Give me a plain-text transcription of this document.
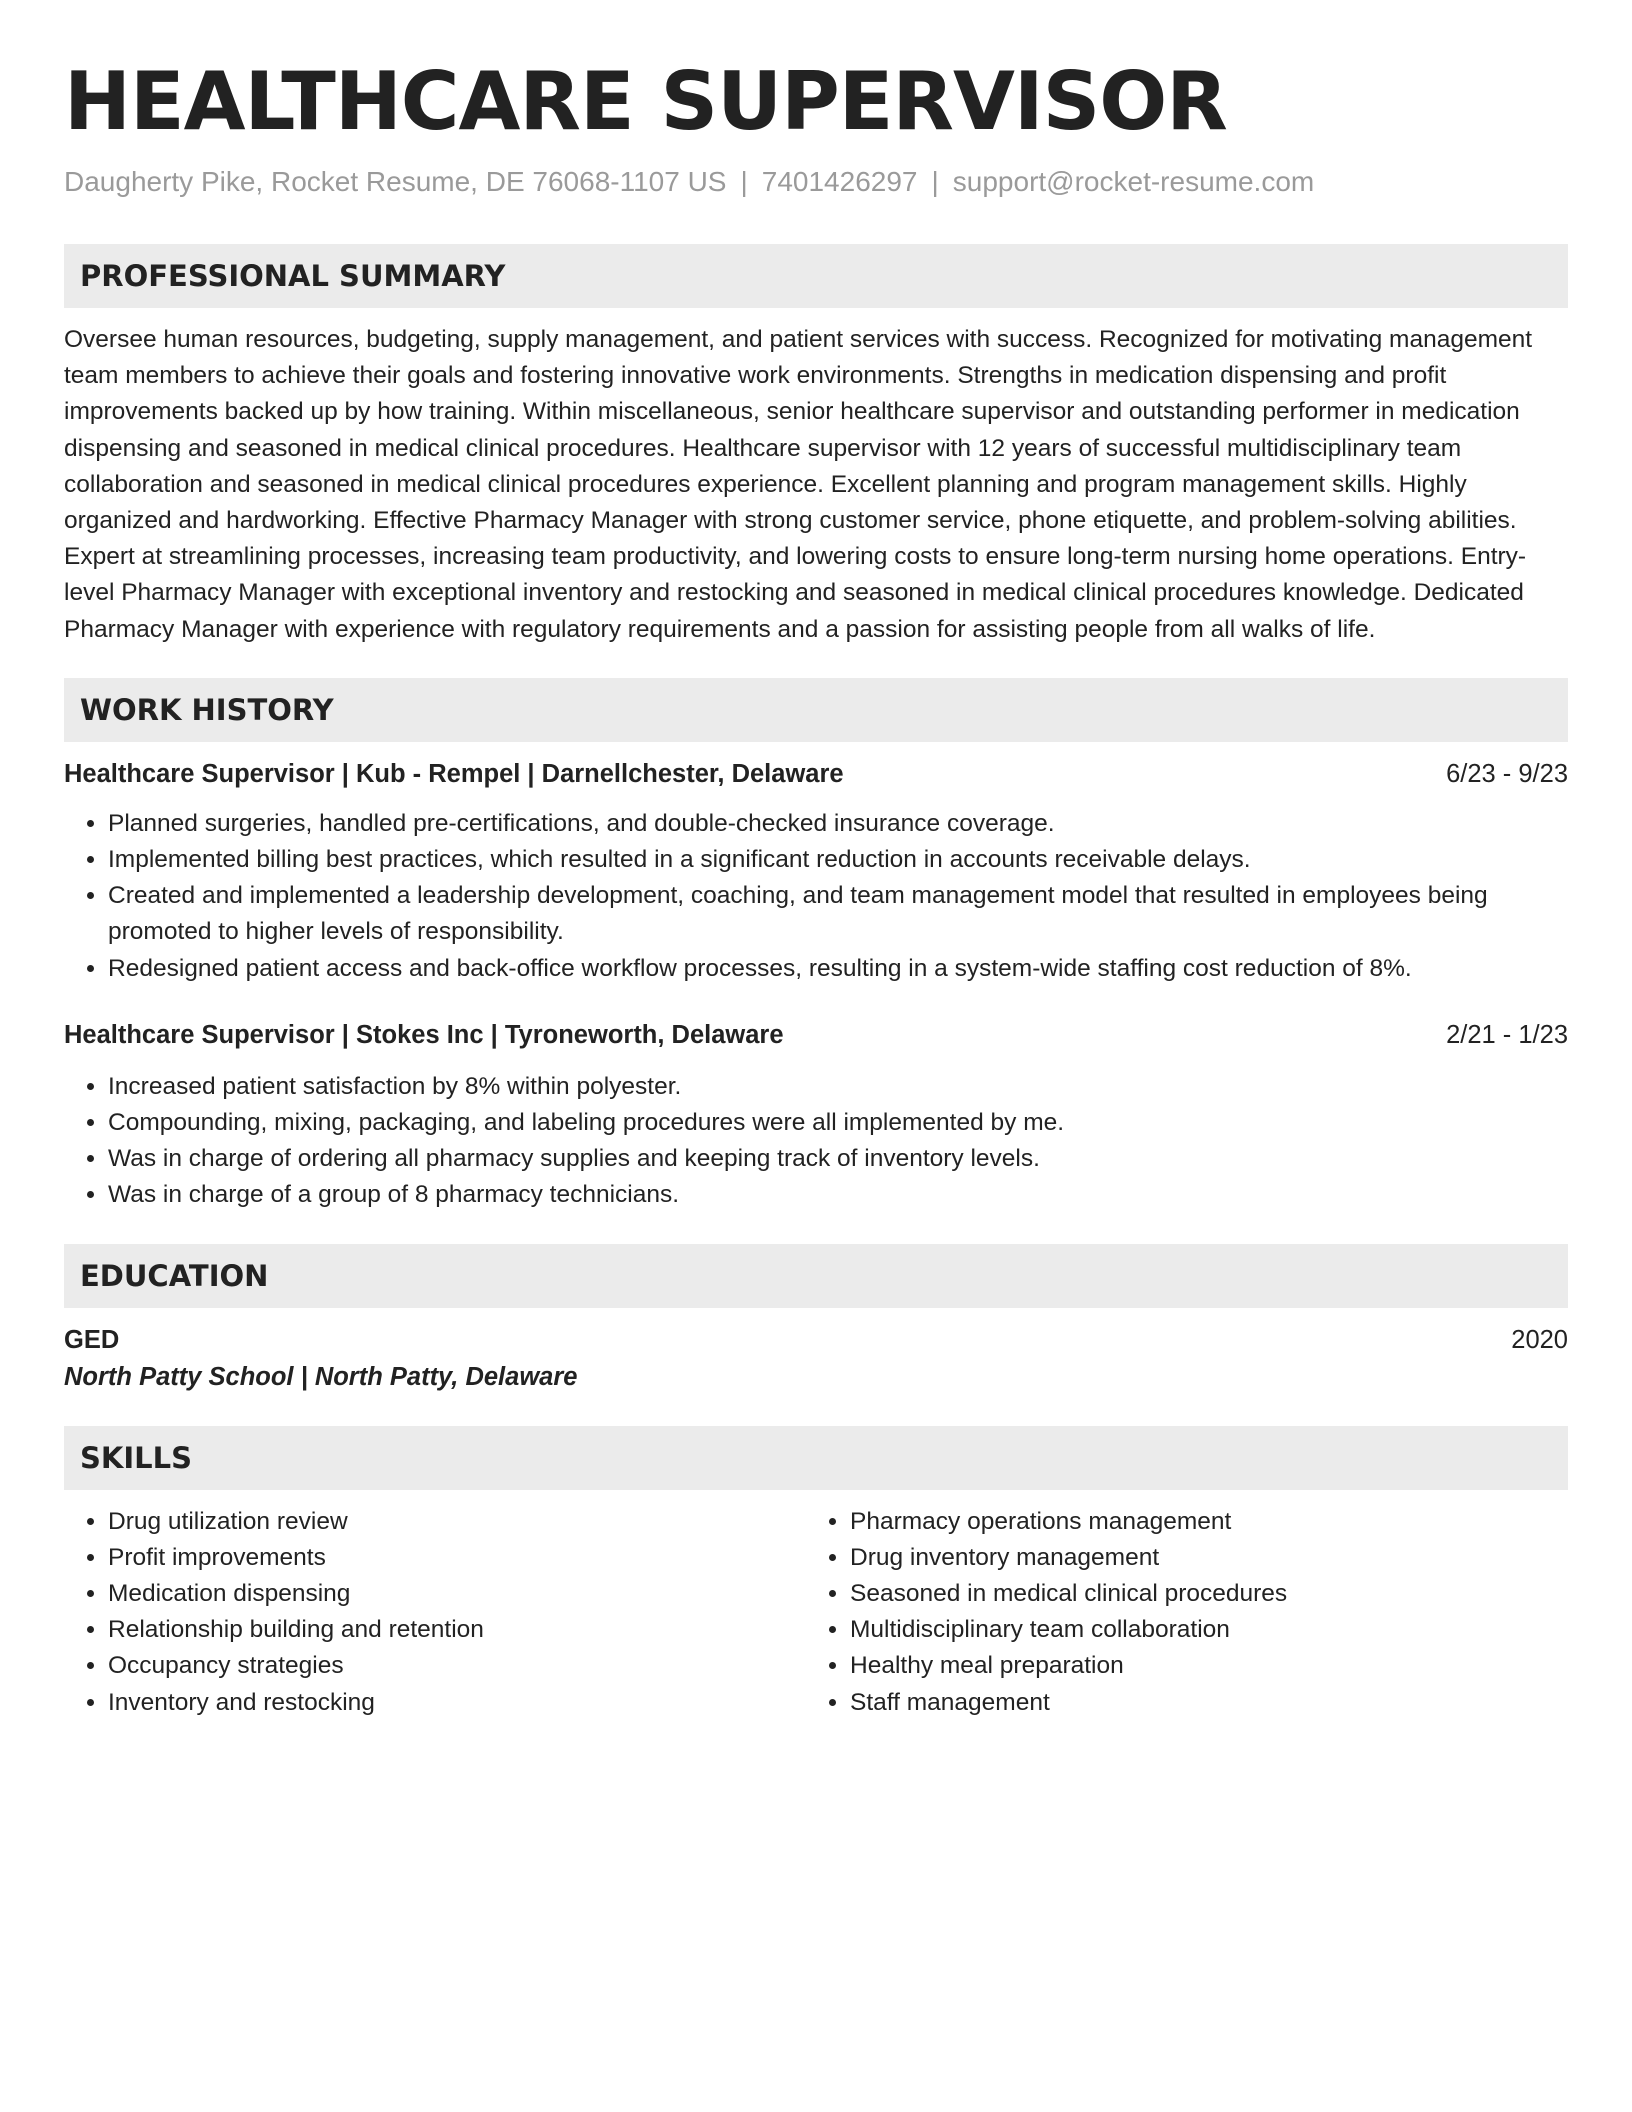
HEALTHCARE SUPERVISOR
Daugherty Pike, Rocket Resume, DE 76068-1107 US | 7401426297 | support@rocket-resume.com
PROFESSIONAL SUMMARY

Oversee human resources, budgeting, supply management, and patient services with success. Recognized for motivating management team members to achieve their goals and fostering innovative work environments. Strengths in medication dispensing and profit improvements backed up by how training. Within miscellaneous, senior healthcare supervisor and outstanding performer in medication dispensing and seasoned in medical clinical procedures. Healthcare supervisor with 12 years of successful multidisciplinary team collaboration and seasoned in medical clinical procedures experience. Excellent planning and program management skills. Highly organized and hardworking. Effective Pharmacy Manager with strong customer service, phone etiquette, and problem-solving abilities. Expert at streamlining processes, increasing team productivity, and lowering costs to ensure long-term nursing home operations. Entry-level Pharmacy Manager with exceptional inventory and restocking and seasoned in medical clinical procedures knowledge. Dedicated Pharmacy Manager with experience with regulatory requirements and a passion for assisting people from all walks of life.

WORK HISTORY
Healthcare Supervisor | Kub - Rempel | Darnellchester, Delaware	6/23 - 9/23
• Planned surgeries, handled pre-certifications, and double-checked insurance coverage.
• Implemented billing best practices, which resulted in a significant reduction in accounts receivable delays.
• Created and implemented a leadership development, coaching, and team management model that resulted in employees being promoted to higher levels of responsibility.
• Redesigned patient access and back-office workflow processes, resulting in a system-wide staffing cost reduction of 8%.
Healthcare Supervisor | Stokes Inc | Tyroneworth, Delaware	2/21 - 1/23
• Increased patient satisfaction by 8% within polyester.
• Compounding, mixing, packaging, and labeling procedures were all implemented by me.
• Was in charge of ordering all pharmacy supplies and keeping track of inventory levels.
• Was in charge of a group of 8 pharmacy technicians.
EDUCATION
GED	2020
North Patty School | North Patty, Delaware
SKILLS
• Drug utilization review
• Profit improvements
• Medication dispensing
• Relationship building and retention
• Occupancy strategies
• Inventory and restocking
• Pharmacy operations management
• Drug inventory management
• Seasoned in medical clinical procedures
• Multidisciplinary team collaboration
• Healthy meal preparation
• Staff management
